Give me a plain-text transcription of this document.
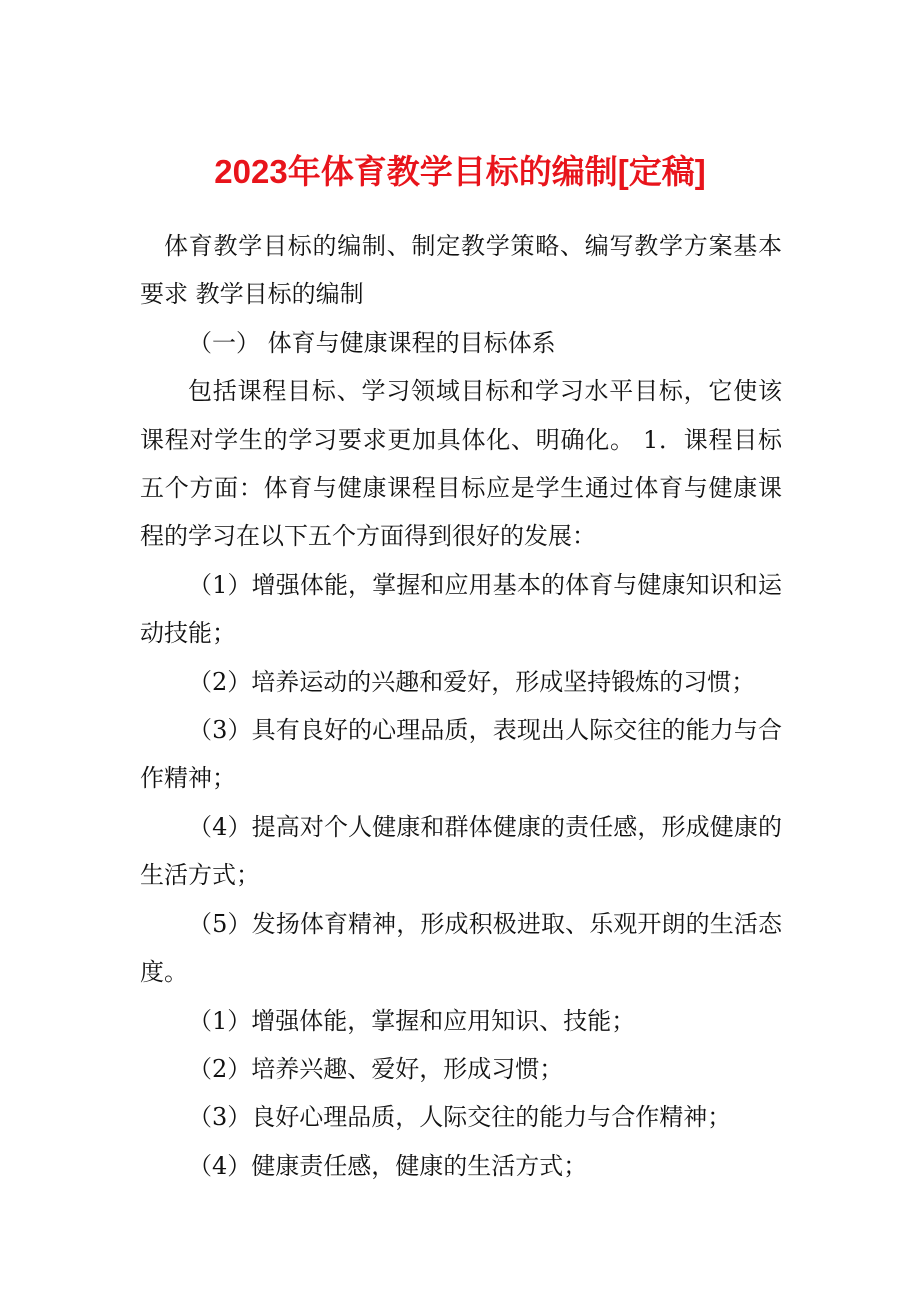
2023年体育教学目标的编制[定稿]

体育教学目标的编制、制定教学策略、编写教学方案基本要求 教学目标的编制

（一） 体育与健康课程的目标体系

包括课程目标、学习领域目标和学习水平目标，它使该课程对学生的学习要求更加具体化、明确化。 1．课程目标五个方面：体育与健康课程目标应是学生通过体育与健康课程的学习在以下五个方面得到很好的发展：

（1）增强体能，掌握和应用基本的体育与健康知识和运动技能；

（2）培养运动的兴趣和爱好，形成坚持锻炼的习惯；

（3）具有良好的心理品质，表现出人际交往的能力与合作精神；

（4）提高对个人健康和群体健康的责任感，形成健康的生活方式；

（5）发扬体育精神，形成积极进取、乐观开朗的生活态度。

（1）增强体能，掌握和应用知识、技能；

（2）培养兴趣、爱好，形成习惯；

（3）良好心理品质，人际交往的能力与合作精神；

（4）健康责任感，健康的生活方式；
